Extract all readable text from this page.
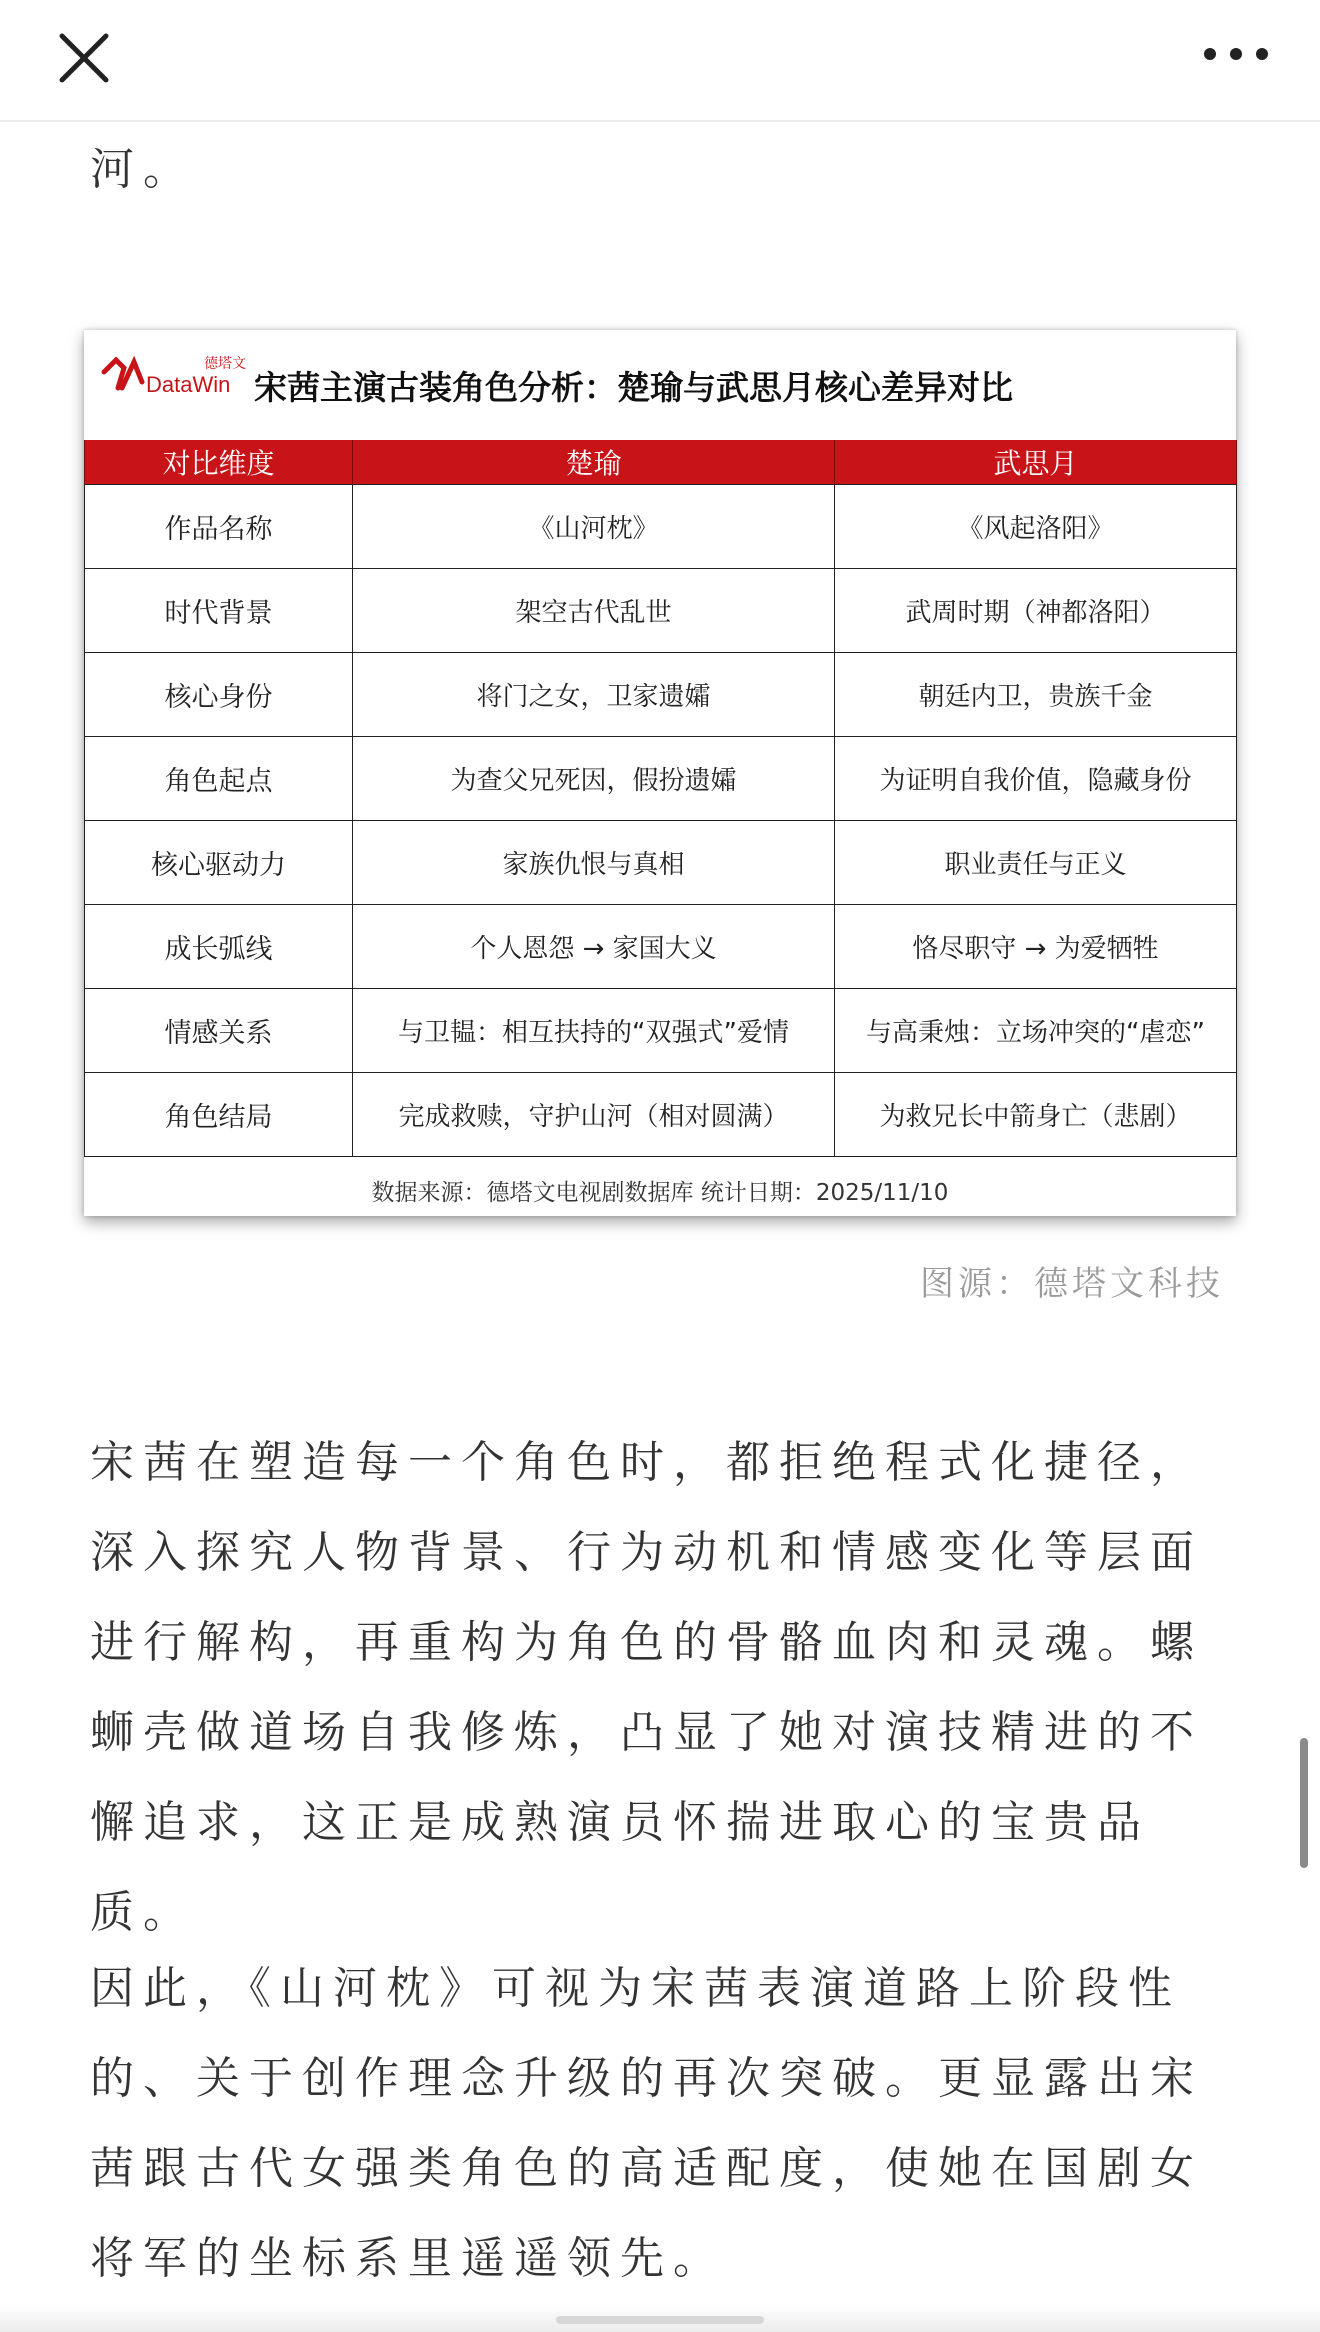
河。

德塔文
DataWin 宋茜主演古装角色分析：楚瑜与武思月核心差异对比
对比维度	楚瑜	武思月
作品名称	《山河枕》	《风起洛阳》
时代背景	架空古代乱世	武周时期（神都洛阳）
核心身份	将门之女，卫家遗孀	朝廷内卫，贵族千金
角色起点	为查父兄死因，假扮遗孀	为证明自我价值，隐藏身份
核心驱动力	家族仇恨与真相	职业责任与正义
成长弧线	个人恩怨 → 家国大义	恪尽职守 → 为爱牺牲
情感关系	与卫韫：相互扶持的“双强式”爱情	与高秉烛：立场冲突的“虐恋”
角色结局	完成救赎，守护山河（相对圆满）	为救兄长中箭身亡（悲剧）
数据来源：德塔文电视剧数据库 统计日期：2025/11/10
图源：德塔文科技

宋茜在塑造每一个角色时，都拒绝程式化捷径，深入探究人物背景、行为动机和情感变化等层面进行解构，再重构为角色的骨骼血肉和灵魂。螺蛳壳做道场自我修炼，凸显了她对演技精进的不懈追求，这正是成熟演员怀揣进取心的宝贵品质。

因此，《山河枕》可视为宋茜表演道路上阶段性的、关于创作理念升级的再次突破。更显露出宋茜跟古代女强类角色的高适配度，使她在国剧女将军的坐标系里遥遥领先。
